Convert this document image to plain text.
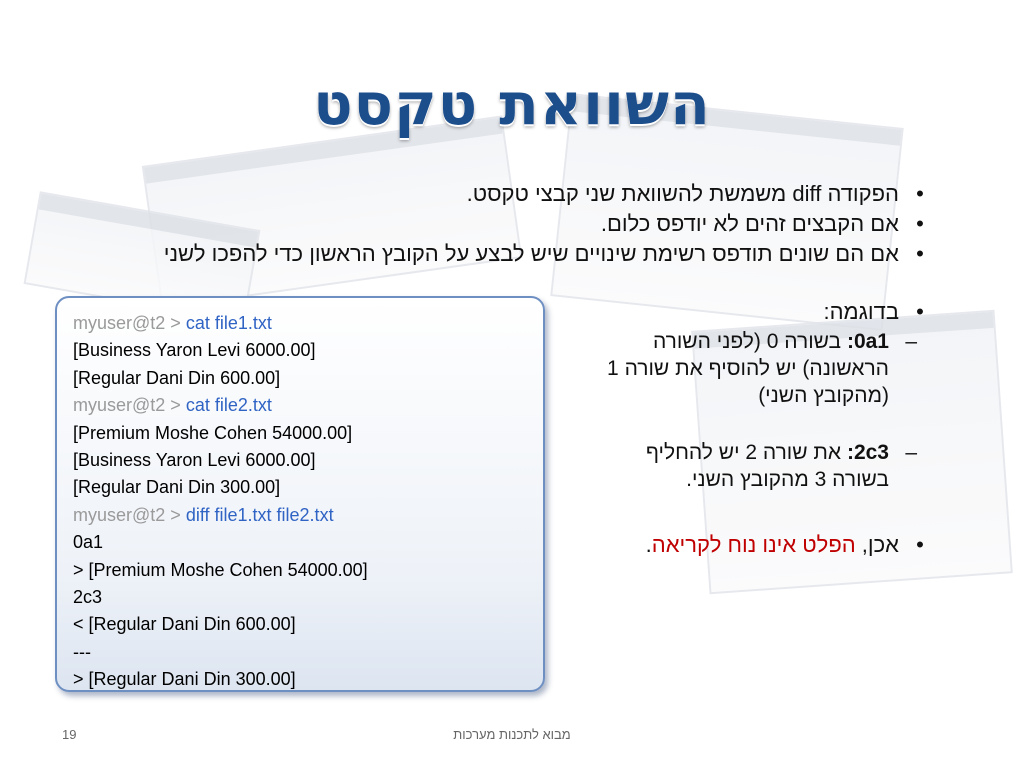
השוואת טקסט
•
הפקודה diff משמשת להשוואת שני קבצי טקסט.
•
אם הקבצים זהים לא יודפס כלום.
•
אם הם שונים תודפס רשימת שינויים שיש לבצע על הקובץ הראשון כדי להפכו לשני
•
בדוגמה:
–
0a1: בשורה 0 (לפני השורה הראשונה) יש להוסיף את שורה 1 (מהקובץ השני)
–
2c3: את שורה 2 יש להחליף בשורה 3 מהקובץ השני.
•
אכן, הפלט אינו נוח לקריאה.
myuser@t2 > cat file1.txt
[Business Yaron Levi 6000.00]
[Regular Dani Din 600.00]
myuser@t2 > cat file2.txt
[Premium Moshe Cohen 54000.00]
[Business Yaron Levi 6000.00]
[Regular Dani Din 300.00]
myuser@t2 > diff file1.txt file2.txt
0a1
> [Premium Moshe Cohen 54000.00]
2c3
< [Regular Dani Din 600.00]
---
> [Regular Dani Din 300.00]
מבוא לתכנות מערכות
19
